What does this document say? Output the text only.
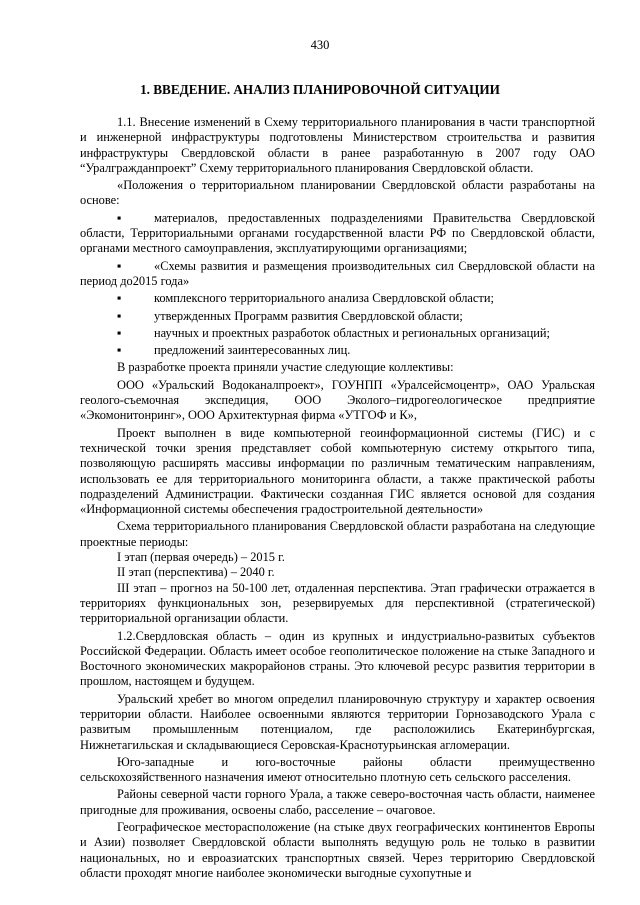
430
1. ВВЕДЕНИЕ. АНАЛИЗ ПЛАНИРОВОЧНОЙ СИТУАЦИИ

1.1. Внесение изменений в Схему территориального планирования в части транспортной и инженерной инфраструктуры подготовлены Министерством строительства и развития инфраструктуры Свердловской области в ранее разработанную в 2007 году ОАО “Уралгражданпроект” Схему территориального планирования Свердловской области.

«Положения о территориальном планировании Свердловской области разработаны на основе:

▪	материалов, предоставленных подразделениями Правительства Свердловской области, Территориальными органами государственной власти РФ по Свердловской области, органами местного самоуправления, эксплуатирующими организациями;

▪	«Схемы развития и размещения производительных сил Свердловской области на период до2015 года»

▪	комплексного территориального анализа Свердловской области;

▪	утвержденных Программ развития Свердловской области;

▪	научных и проектных разработок областных и региональных организаций;

▪	предложений заинтересованных лиц.

В разработке проекта приняли участие следующие коллективы:

ООО «Уральский Водоканалпроект», ГОУНПП «Уралсейсмоцентр», ОАО Уральская геолого-съемочная экспедиция, ООО Эколого–гидрогеологическое предприятие «Экомонитонринг», ООО Архитектурная фирма «УТГОФ и К»,

Проект выполнен в виде компьютерной геоинформационной системы (ГИС) и с технической точки зрения представляет собой компьютерную систему открытого типа, позволяющую расширять массивы информации по различным тематическим направлениям, использовать ее для территориального мониторинга области, а также практической работы подразделений Администрации. Фактически созданная ГИС является основой для создания «Информационной системы обеспечения градостроительной деятельности»

Схема территориального планирования Свердловской области разработана на следующие проектные периоды:

I этап (первая очередь) – 2015 г.

II этап (перспектива) – 2040 г.

III этап – прогноз на 50-100 лет, отдаленная перспектива. Этап графически отражается в территориях функциональных зон, резервируемых для перспективной (стратегической) территориальной организации области.

1.2.Свердловская область – один из крупных и индустриально-развитых субъектов Российской Федерации. Область имеет особое геополитическое положение на стыке Западного и Восточного экономических макрорайонов страны. Это ключевой ресурс развития территории в прошлом, настоящем и будущем.

Уральский хребет во многом определил планировочную структуру и характер освоения территории области. Наиболее освоенными являются территории Горнозаводского Урала с развитым промышленным потенциалом, где расположились Екатеринбургская, Нижнетагильская и складывающиеся Серовская-Краснотурьинская агломерации.

Юго-западные и юго-восточные районы области преимущественно сельскохозяйственного назначения имеют относительно плотную сеть сельского расселения.

Районы северной части горного Урала, а также северо-восточная часть области, наименее пригодные для проживания, освоены слабо, расселение – очаговое.

Географическое месторасположение (на стыке двух географических континентов Европы и Азии) позволяет Свердловской области выполнять ведущую роль не только в развитии национальных, но и евроазиатских транспортных связей. Через территорию Свердловской области проходят многие наиболее экономически выгодные сухопутные и
